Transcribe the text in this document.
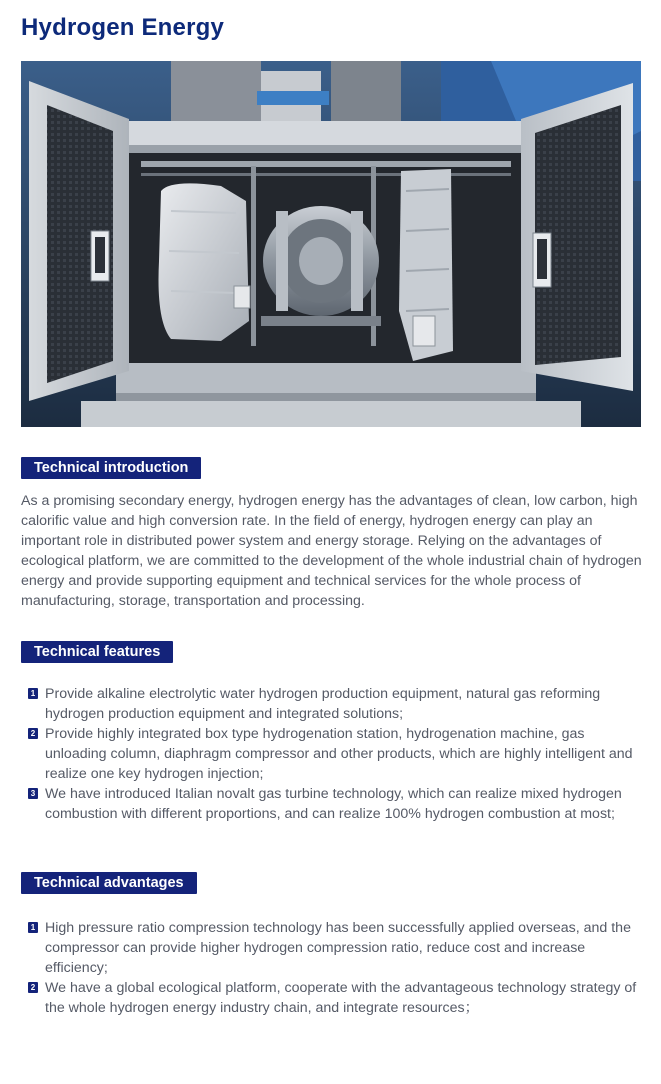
Hydrogen Energy
Technical introduction

As a promising secondary energy, hydrogen energy has the advantages of clean, low carbon, high calorific value and high conversion rate. In the field of energy, hydrogen energy can play an important role in distributed power system and energy storage. Relying on the advantages of ecological platform, we are committed to the development of the whole industrial chain of hydrogen energy and provide supporting equipment and technical services for the whole process of manufacturing, storage, transportation and processing.

Technical features
1 Provide alkaline electrolytic water hydrogen production equipment, natural gas reforming hydrogen production equipment and integrated solutions;
2 Provide highly integrated box type hydrogenation station, hydrogenation machine, gas unloading column, diaphragm compressor and other products, which are highly intelligent and realize one key hydrogen injection;
3 We have introduced Italian novalt gas turbine technology, which can realize mixed hydrogen combustion with different proportions, and can realize 100% hydrogen combustion at most;
Technical advantages
1 High pressure ratio compression technology has been successfully applied overseas, and the compressor can provide higher hydrogen compression ratio, reduce cost and increase efficiency;
2 We have a global ecological platform, cooperate with the advantageous technology strategy of the whole hydrogen energy industry chain, and integrate resources；
